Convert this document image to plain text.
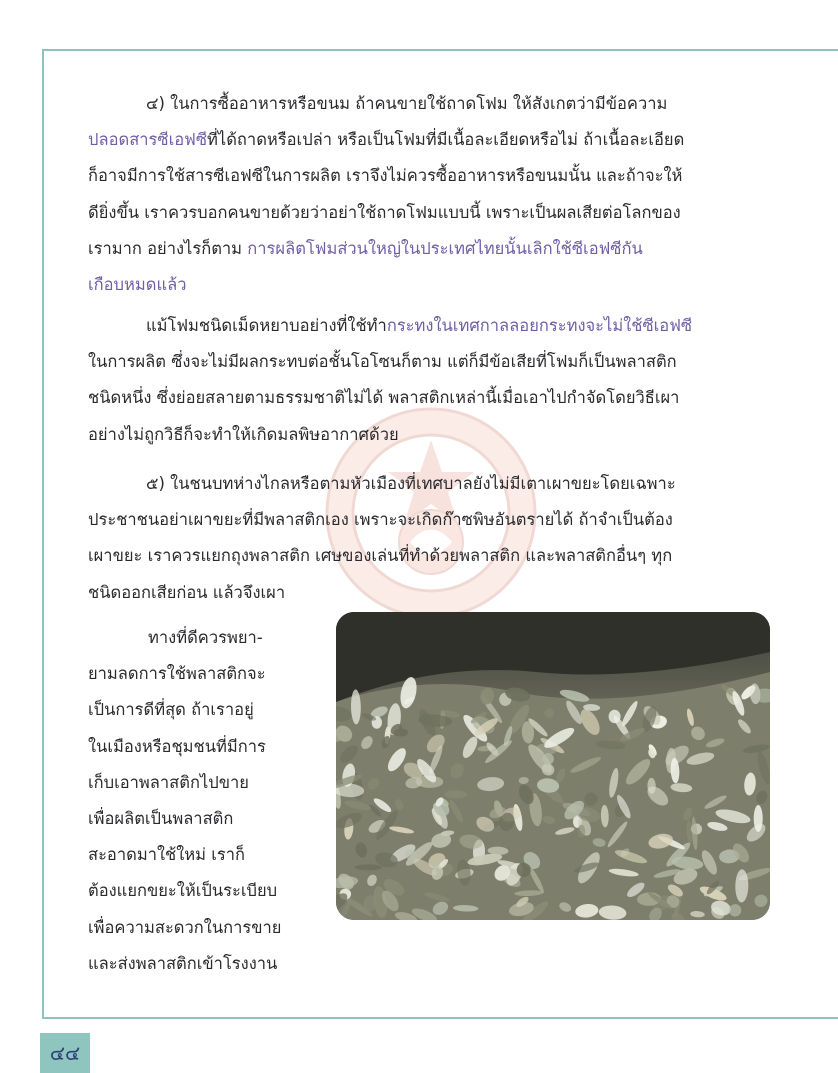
๔) ในการซื้ออาหารหรือขนม ถ้าคนขายใช้ถาดโฟม ให้สังเกตว่ามีข้อความ

ปลอดสารซีเอฟซีที่ได้ถาดหรือเปล่า หรือเป็นโฟมที่มีเนื้อละเอียดหรือไม่ ถ้าเนื้อละเอียด

ก็อาจมีการใช้สารซีเอฟซีในการผลิต เราจึงไม่ควรซื้ออาหารหรือขนมนั้น และถ้าจะให้

ดียิ่งขึ้น เราควรบอกคนขายด้วยว่าอย่าใช้ถาดโฟมแบบนี้ เพราะเป็นผลเสียต่อโลกของ

เรามาก อย่างไรก็ตาม การผลิตโฟมส่วนใหญ่ในประเทศไทยนั้นเลิกใช้ซีเอฟซีกัน

เกือบหมดแล้ว

แม้โฟมชนิดเม็ดหยาบอย่างที่ใช้ทำกระทงในเทศกาลลอยกระทงจะไม่ใช้ซีเอฟซี

ในการผลิต ซึ่งจะไม่มีผลกระทบต่อชั้นโอโซนก็ตาม แต่ก็มีข้อเสียที่โฟมก็เป็นพลาสติก

ชนิดหนึ่ง ซึ่งย่อยสลายตามธรรมชาติไม่ได้ พลาสติกเหล่านี้เมื่อเอาไปกำจัดโดยวิธีเผา

อย่างไม่ถูกวิธีก็จะทำให้เกิดมลพิษอากาศด้วย

๕) ในชนบทห่างไกลหรือตามหัวเมืองที่เทศบาลยังไม่มีเตาเผาขยะโดยเฉพาะ

ประชาชนอย่าเผาขยะที่มีพลาสติกเอง เพราะจะเกิดก๊าซพิษอันตรายได้ ถ้าจำเป็นต้อง

เผาขยะ เราควรแยกถุงพลาสติก เศษของเล่นที่ทำด้วยพลาสติก และพลาสติกอื่นๆ ทุก

ชนิดออกเสียก่อน แล้วจึงเผา

ทางที่ดีควรพยา-
ยามลดการใช้พลาสติกจะ
เป็นการดีที่สุด ถ้าเราอยู่
ในเมืองหรือชุมชนที่มีการ
เก็บเอาพลาสติกไปขาย
เพื่อผลิตเป็นพลาสติก
สะอาดมาใช้ใหม่ เราก็
ต้องแยกขยะให้เป็นระเบียบ
เพื่อความสะดวกในการขาย
และส่งพลาสติกเข้าโรงงาน
๔๔
